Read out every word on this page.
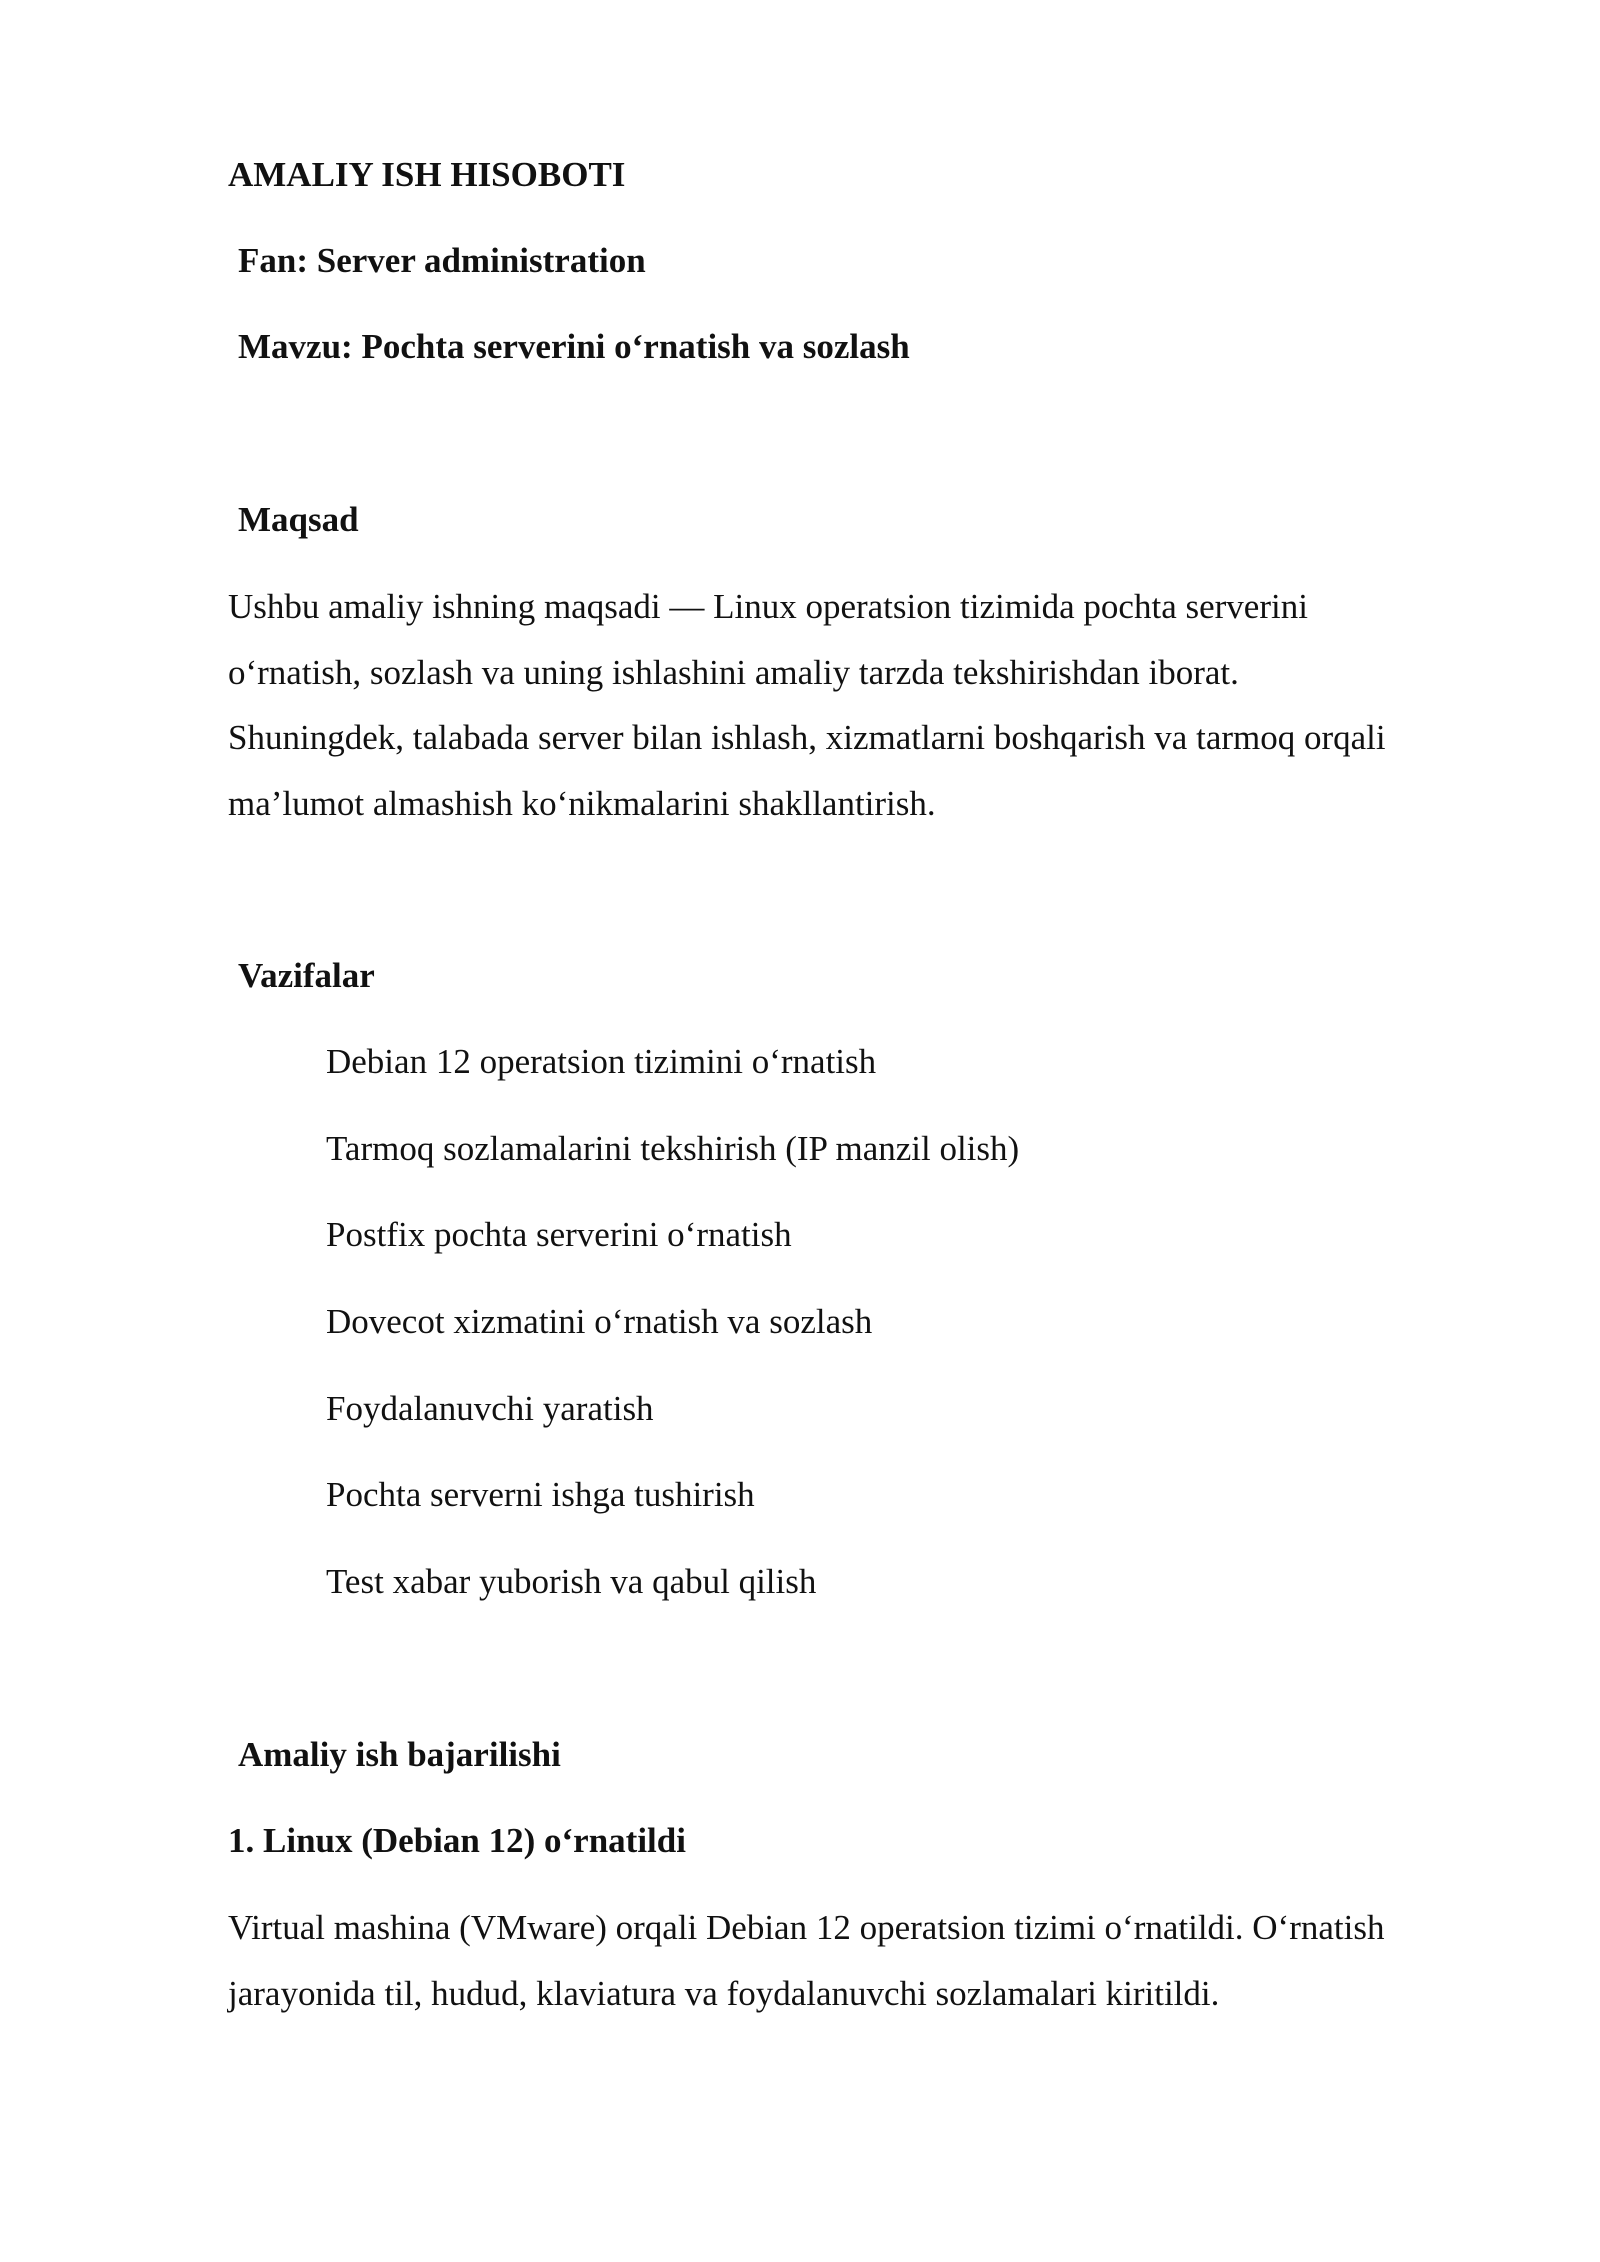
AMALIY ISH HISOBOTI
Fan: Server administration
Mavzu: Pochta serverini o‘rnatish va sozlash
Maqsad
Ushbu amaliy ishning maqsadi — Linux operatsion tizimida pochta serverini
o‘rnatish, sozlash va uning ishlashini amaliy tarzda tekshirishdan iborat.
Shuningdek, talabada server bilan ishlash, xizmatlarni boshqarish va tarmoq orqali
ma’lumot almashish ko‘nikmalarini shakllantirish.
Vazifalar
Debian 12 operatsion tizimini o‘rnatish
Tarmoq sozlamalarini tekshirish (IP manzil olish)
Postfix pochta serverini o‘rnatish
Dovecot xizmatini o‘rnatish va sozlash
Foydalanuvchi yaratish
Pochta serverni ishga tushirish
Test xabar yuborish va qabul qilish
Amaliy ish bajarilishi
1. Linux (Debian 12) o‘rnatildi
Virtual mashina (VMware) orqali Debian 12 operatsion tizimi o‘rnatildi. O‘rnatish
jarayonida til, hudud, klaviatura va foydalanuvchi sozlamalari kiritildi.
